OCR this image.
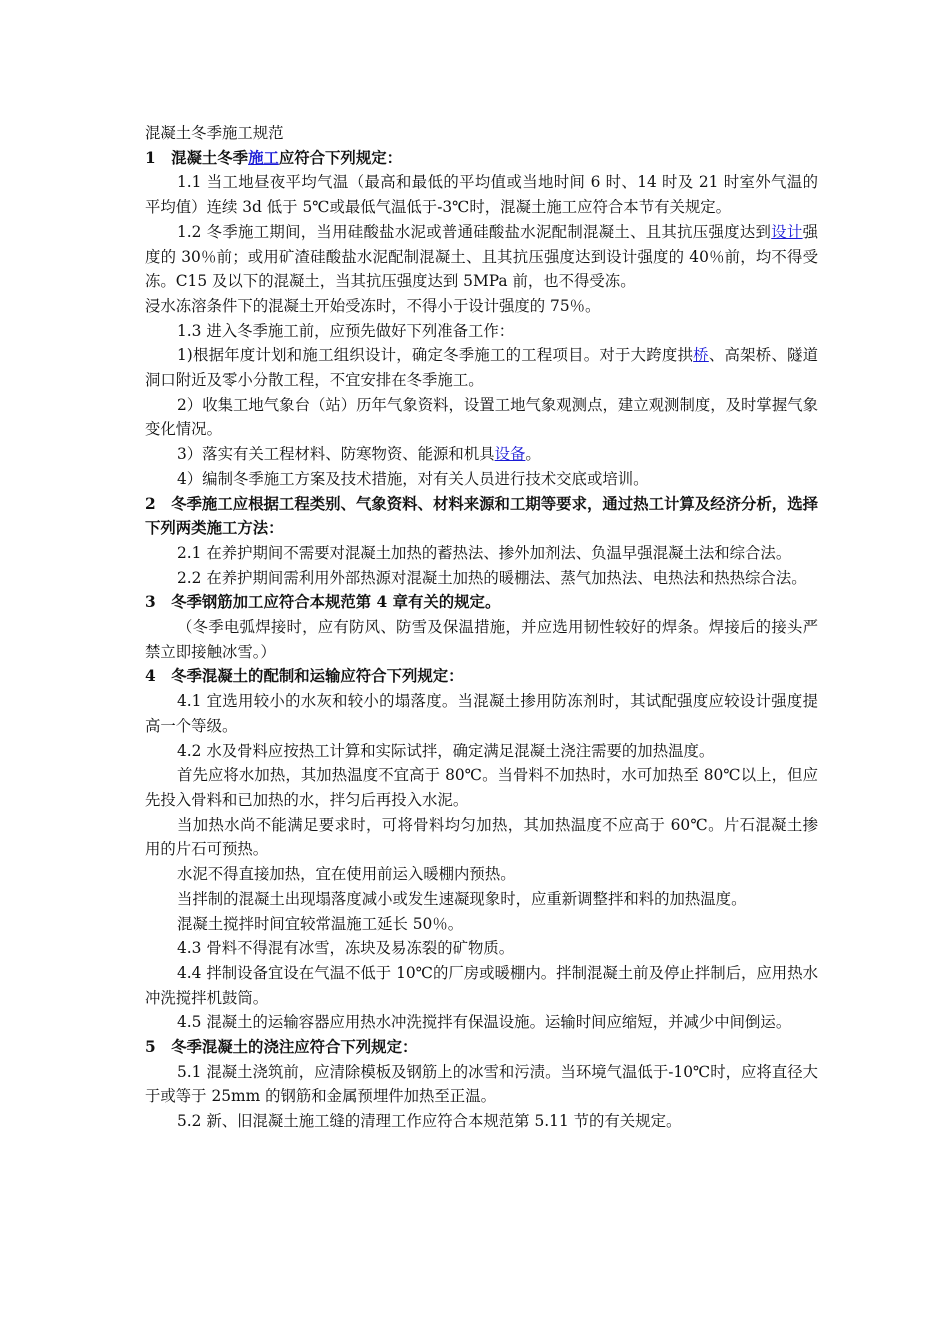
混凝土冬季施工规范

1　混凝土冬季施工应符合下列规定：

1.1 当工地昼夜平均气温（最高和最低的平均值或当地时间 6 时、14 时及 21 时室外气温的平均值）连续 3d 低于 5℃或最低气温低于-3℃时，混凝土施工应符合本节有关规定。

1.2 冬季施工期间，当用硅酸盐水泥或普通硅酸盐水泥配制混凝土、且其抗压强度达到设计强度的 30％前；或用矿渣硅酸盐水泥配制混凝土、且其抗压强度达到设计强度的 40％前，均不得受冻。C15 及以下的混凝土，当其抗压强度达到 5MPa 前，也不得受冻。

浸水冻溶条件下的混凝土开始受冻时，不得小于设计强度的 75％。

1.3 进入冬季施工前，应预先做好下列准备工作：

1)根据年度计划和施工组织设计，确定冬季施工的工程项目。对于大跨度拱桥、高架桥、隧道洞口附近及零小分散工程，不宜安排在冬季施工。

2）收集工地气象台（站）历年气象资料，设置工地气象观测点，建立观测制度，及时掌握气象变化情况。

3）落实有关工程材料、防寒物资、能源和机具设备。

4）编制冬季施工方案及技术措施，对有关人员进行技术交底或培训。

2　冬季施工应根据工程类别、气象资料、材料来源和工期等要求，通过热工计算及经济分析，选择下列两类施工方法：

2.1 在养护期间不需要对混凝土加热的蓄热法、掺外加剂法、负温早强混凝土法和综合法。

2.2 在养护期间需利用外部热源对混凝土加热的暖棚法、蒸气加热法、电热法和热热综合法。

3　冬季钢筋加工应符合本规范第 4 章有关的规定。

（冬季电弧焊接时，应有防风、防雪及保温措施，并应选用韧性较好的焊条。焊接后的接头严禁立即接触冰雪。）

4　冬季混凝土的配制和运输应符合下列规定：

4.1 宜选用较小的水灰和较小的塌落度。当混凝土掺用防冻剂时，其试配强度应较设计强度提高一个等级。

4.2 水及骨料应按热工计算和实际试拌，确定满足混凝土浇注需要的加热温度。

首先应将水加热，其加热温度不宜高于 80℃。当骨料不加热时，水可加热至 80℃以上，但应先投入骨料和已加热的水，拌匀后再投入水泥。

当加热水尚不能满足要求时，可将骨料均匀加热，其加热温度不应高于 60℃。片石混凝土掺用的片石可预热。

水泥不得直接加热，宜在使用前运入暖棚内预热。

当拌制的混凝土出现塌落度减小或发生速凝现象时，应重新调整拌和料的加热温度。

混凝土搅拌时间宜较常温施工延长 50％。

4.3 骨料不得混有冰雪，冻块及易冻裂的矿物质。

4.4 拌制设备宜设在气温不低于 10℃的厂房或暖棚内。拌制混凝土前及停止拌制后，应用热水冲洗搅拌机鼓筒。

4.5 混凝土的运输容器应用热水冲洗搅拌有保温设施。运输时间应缩短，并减少中间倒运。

5　冬季混凝土的浇注应符合下列规定：

5.1 混凝土浇筑前，应清除模板及钢筋上的冰雪和污渍。当环境气温低于-10℃时，应将直径大于或等于 25mm 的钢筋和金属预埋件加热至正温。

5.2 新、旧混凝土施工缝的清理工作应符合本规范第 5.11 节的有关规定。
